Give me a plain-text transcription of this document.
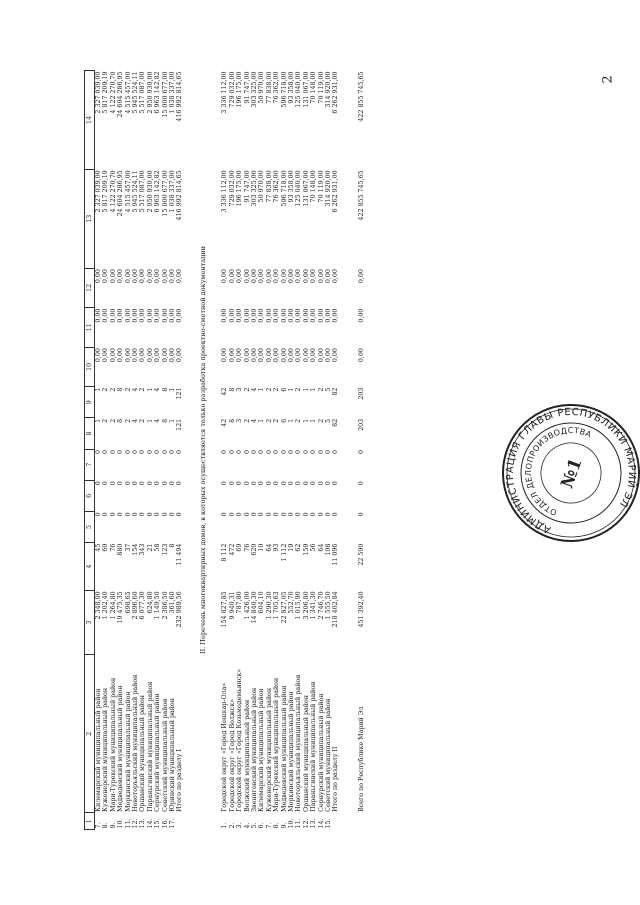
2
1	2	3	4	5	6	7	8	9	10	11	12	13	14
7.	Килемарский муниципальный район	2 348,00	45	0	0	0	1	1	0,00	0,00	0,00	2 327 039,00	2 327 039,00
8.	Куженерский муниципальный район	1 202,40	60	0	0	0	2	2	0,00	0,00	0,00	5 817 209,19	5 817 209,19
9.	Мари-Турекский муниципальный район	1 264,80	76	0	0	0	2	2	0,00	0,00	0,00	4 122 270,70	4 122 270,70
10.	Медведевский муниципальный район	19 475,35	880	0	0	0	8	8	0,00	0,00	0,00	24 604 286,95	24 604 286,95
11.	Моркинский муниципальный район	698,65	37	0	0	0	2	2	0,00	0,00	0,00	4 515 457,00	4 515 457,00
12.	Новоторъяльский муниципальный район	2 896,60	154	0	0	0	4	4	0,00	0,00	0,00	5 945 524,11	5 945 524,11
13.	Оршанский муниципальный район	6 077,30	343	0	0	0	2	2	0,00	0,00	0,00	5 517 087,00	5 517 087,00
14.	Параньгинский муниципальный район	624,80	21	0	0	0	1	1	0,00	0,00	0,00	2 950 930,00	2 950 930,00
15.	Сернурский муниципальный район	1 149,50	58	0	0	0	4	4	0,00	0,00	0,00	6 963 142,82	6 963 142,82
16.	Советский муниципальный район	2 386,50	123	0	0	0	8	8	0,00	0,00	0,00	15 000 677,00	15 000 677,00
17.	Юринский муниципальный район	361,60	8	0	0	0	1	1	0,00	0,00	0,00	1 038 337,00	1 038 337,00
	Итого по разделу I	232 989,56	11 494	0	0	0	121	121	0,00	0,00	0,00	416 992 814,65	416 992 814,65
II. Перечень многоквартирных домов, в которых осуществляется только разработка проектно-сметной документации													
1.	Городской округ «Город Йошкар-Ола»	154 827,85	8 112	0	0	0	42	42	0,00	0,00	0,00	3 336 112,00	3 336 112,00
2.	Городской округ «Город Волжск»	9 940,31	472	0	0	0	8	8	0,00	0,00	0,00	729 032,00	729 032,00
3.	Городской округ «Город Козьмодемьянск»	787,80	69	0	0	0	3	3	0,00	0,00	0,00	196 175,00	196 175,00
4.	Волжский муниципальный район	1 426,00	76	0	0	0	2	2	0,00	0,00	0,00	91 747,00	91 747,00
5.	Звениговский муниципальный район	14 840,30	620	0	0	0	4	4	0,00	0,00	0,00	303 325,00	303 325,00
6.	Килемарский муниципальный район	604,10	10	0	0	0	1	1	0,00	0,00	0,00	50 970,00	50 970,00
7.	Куженерский муниципальный район	1 290,30	64	0	0	0	2	2	0,00	0,00	0,00	77 838,00	77 838,00
8.	Мари-Турекский муниципальный район	1 705,63	93	0	0	0	2	2	0,00	0,00	0,00	76 362,00	76 362,00
9.	Медведевский муниципальный район	22 827,05	1 112	0	0	0	6	6	0,00	0,00	0,00	596 718,00	596 718,00
10.	Моркинский муниципальный район	552,70	19	0	0	0	1	1	0,00	0,00	0,00	93 358,00	93 358,00
11.	Новоторъяльский муниципальный район	1 015,90	62	0	0	0	2	2	0,00	0,00	0,00	125 040,00	125 040,00
12.	Оршанский муниципальный район	3 206,80	159	0	0	0	1	1	0,00	0,00	0,00	131 067,00	131 067,00
13.	Параньгинский муниципальный район	1 341,30	56	0	0	0	1	1	0,00	0,00	0,00	70 148,00	70 148,00
14.	Сернурский муниципальный район	2 746,70	64	0	0	0	2	2	0,00	0,00	0,00	70 119,00	70 119,00
15.	Советский муниципальный район	1 555,50	108	0	0	0	5	5	0,00	0,00	0,00	314 920,00	314 920,00
	Итого по разделу II	218 402,84	11 096	0	0	0	82	82	0,00	0,00	0,00	6 262 931,00	6 262 931,00
	Всего по Республике Марий Эл	451 392,40	22 590	0	0	0	203	203	0,00	0,00	0,00	422 855 745,65	422 855 745,65
АДМИНИСТРАЦИЯ ГЛАВЫ РЕСПУБЛИКИ МАРИЙ ЭЛ
ОТДЕЛ ДЕЛОПРОИЗВОДСТВА
№1
